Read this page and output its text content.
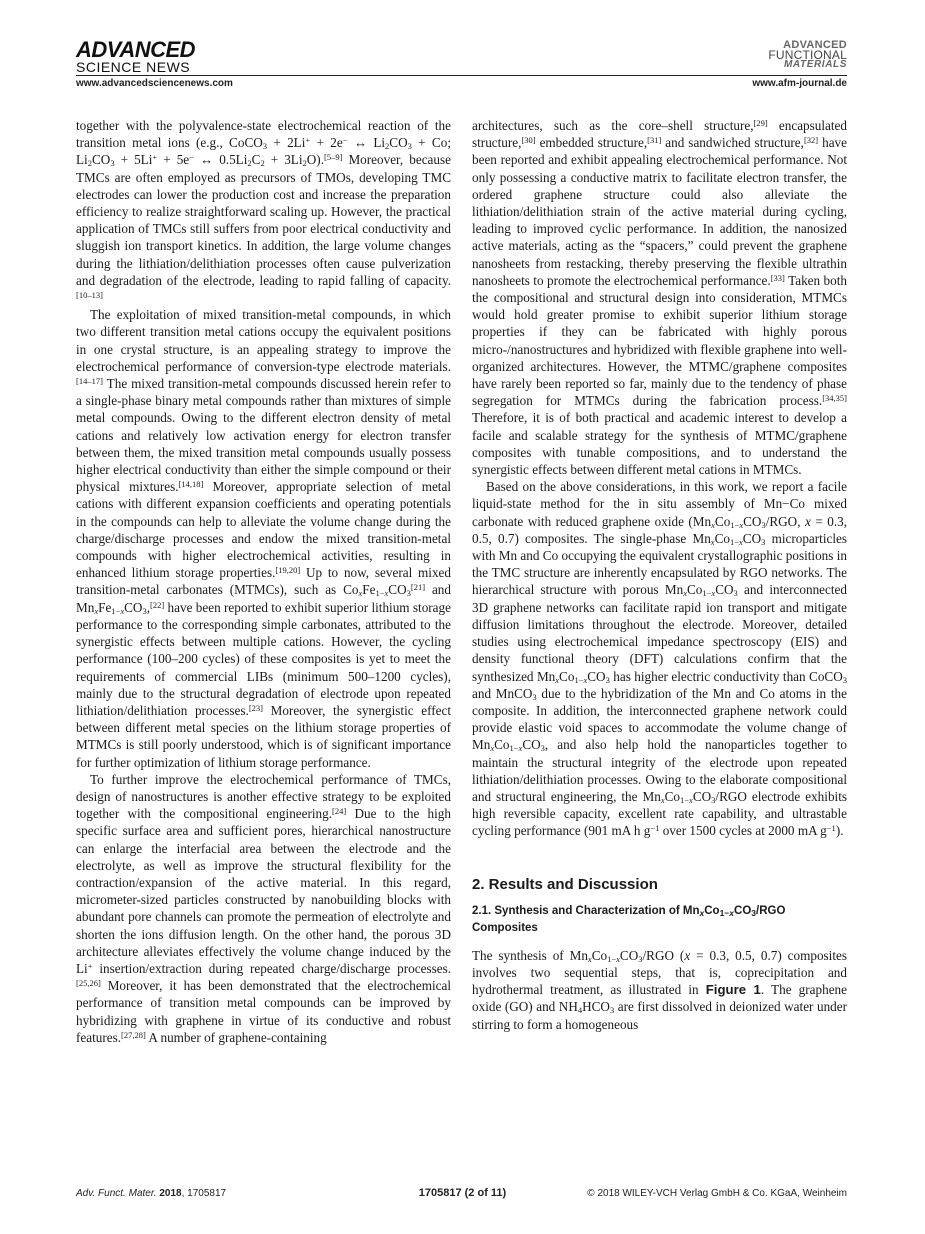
ADVANCED
SCIENCE NEWS
ADVANCED
FUNCTIONAL
MATERIALS
www.advancedsciencenews.com	www.afm-journal.de

together with the polyvalence-state electrochemical reaction of the transition metal ions (e.g., CoCO$_3$ + 2Li+ + 2e− ↔ $Li_2CO_3 + Co$; $Li_2CO_3 + 5Li^+ + 5e^-$ ↔ $0.5Li_2C_2 + 3Li_2O).[5-9]$ Moreover, because TMCs are often employed as precursors of TMOs, developing TMC electrodes can lower the production cost and increase the preparation efficiency to realize straightforward scaling up. However, the practical application of TMCs still suffers from poor electrical conductivity and sluggish ion transport kinetics. In addition, the large volume changes during the lithiation/delithiation processes often cause pulverization and degradation of the electrode, leading to rapid falling of capacity.[10–13]

The exploitation of mixed transition-metal compounds, in which two different transition metal cations occupy the equivalent positions in one crystal structure, is an appealing strategy to improve the electrochemical performance of conversion-type electrode materials.[14–17] The mixed transition-metal compounds discussed herein refer to a single-phase binary metal compounds rather than mixtures of simple metal compounds. Owing to the different electron density of metal cations and relatively low activation energy for electron transfer between them, the mixed transition metal compounds usually possess higher electrical conductivity than either the simple compound or their physical mixtures.[14,18] Moreover, appropriate selection of metal cations with different expansion coefficients and operating potentials in the compounds can help to alleviate the volume change during the charge/discharge processes and endow the mixed transition-metal compounds with higher electrochemical activities, resulting in enhanced lithium storage properties.[19,20] Up to now, several mixed transition-metal carbonates (MTMCs), such as $Co_xFe_{1-x}CO_3[21]$ and $Mn_xFe_{1-x}CO_3,[22]$ have been reported to exhibit superior lithium storage performance to the corresponding simple carbonates, attributed to the synergistic effects between multiple cations. However, the cycling performance (100–200 cycles) of these composites is yet to meet the requirements of commercial LIBs (minimum 500–1200 cycles), mainly due to the structural degradation of electrode upon repeated lithiation/delithiation processes.[23] Moreover, the synergistic effect between different metal species on the lithium storage properties of MTMCs is still poorly understood, which is of significant importance for further optimization of lithium storage performance.

To further improve the electrochemical performance of TMCs, design of nanostructures is another effective strategy to be exploited together with the compositional engineering.[24] Due to the high specific surface area and sufficient pores, hierarchical nanostructure can enlarge the interfacial area between the electrode and the electrolyte, as well as improve the structural flexibility for the contraction/expansion of the active material. In this regard, micrometer-sized particles constructed by nanobuilding blocks with abundant pore channels can promote the permeation of electrolyte and shorten the ions diffusion length. On the other hand, the porous 3D architecture alleviates effectively the volume change induced by the Li+ insertion/extraction during repeated charge/discharge processes.[25,26] Moreover, it has been demonstrated that the electrochemical performance of transition metal compounds can be improved by hybridizing with graphene in virtue of its conductive and robust features.[27,28] A number of graphene-containing

architectures, such as the core–shell structure,[29] encapsulated structure,[30] embedded structure,[31] and sandwiched structure,[32] have been reported and exhibit appealing electrochemical performance. Not only possessing a conductive matrix to facilitate electron transfer, the ordered graphene structure could also alleviate the lithiation/delithiation strain of the active material during cycling, leading to improved cyclic performance. In addition, the nanosized active materials, acting as the “spacers,” could prevent the graphene nanosheets from restacking, thereby preserving the flexible ultrathin nanosheets to promote the electrochemical performance.[33] Taken both the compositional and structural design into consideration, MTMCs would hold greater promise to exhibit superior lithium storage properties if they can be fabricated with highly porous micro-/nanostructures and hybridized with flexible graphene into well-organized architectures. However, the MTMC/graphene composites have rarely been reported so far, mainly due to the tendency of phase segregation for MTMCs during the fabrication process.[34,35] Therefore, it is of both practical and academic interest to develop a facile and scalable strategy for the synthesis of MTMC/graphene composites with tunable compositions, and to understand the synergistic effects between different metal cations in MTMCs.

Based on the above considerations, in this work, we report a facile liquid-state method for the in situ assembly of Mn−Co mixed carbonate with reduced graphene oxide ($Mn_xCo_{1-x}CO_3$/RGO, x = 0.3, 0.5, 0.7) composites. The single-phase $Mn_xCo_{1-x}CO_3$ microparticles with Mn and Co occupying the equivalent crystallographic positions in the TMC structure are inherently encapsulated by RGO networks. The hierarchical structure with porous $Mn_xCo_{1-x}CO_3$ and interconnected 3D graphene networks can facilitate rapid ion transport and mitigate diffusion limitations throughout the electrode. Moreover, detailed studies using electrochemical impedance spectroscopy (EIS) and density functional theory (DFT) calculations confirm that the synthesized $Mn_xCo_{1-x}CO_3$ has higher electric conductivity than CoCO$_3$ and MnCO$_3$ due to the hybridization of the Mn and Co atoms in the composite. In addition, the interconnected graphene network could provide elastic void spaces to accommodate the volume change of $Mn_xCo_{1-x}CO_3$, and also help hold the nanoparticles together to maintain the structural integrity of the electrode upon repeated lithiation/delithiation processes. Owing to the elaborate compositional and structural engineering, the $Mn_xCo_{1-x}CO_3$/RGO electrode exhibits high reversible capacity, excellent rate capability, and ultrastable cycling performance (901 mA h $g^{-1}$ over 1500 cycles at 2000 mA $g^{-1}$).

2. Results and Discussion
2.1. Synthesis and Characterization of $Mn_xCo_{1-x}CO_3$/RGO
Composites

The synthesis of $Mn_xCo_{1-x}CO_3$/RGO (x = 0.3, 0.5, 0.7) composites involves two sequential steps, that is, coprecipitation and hydrothermal treatment, as illustrated in Figure 1. The graphene oxide (GO) and $NH_4HCO_3$ are first dissolved in deionized water under stirring to form a homogeneous

Adv. Funct. Mater. 2018, 1705817	1705817 (2 of 11)	© 2018 WILEY-VCH Verlag GmbH & Co. KGaA, Weinheim
